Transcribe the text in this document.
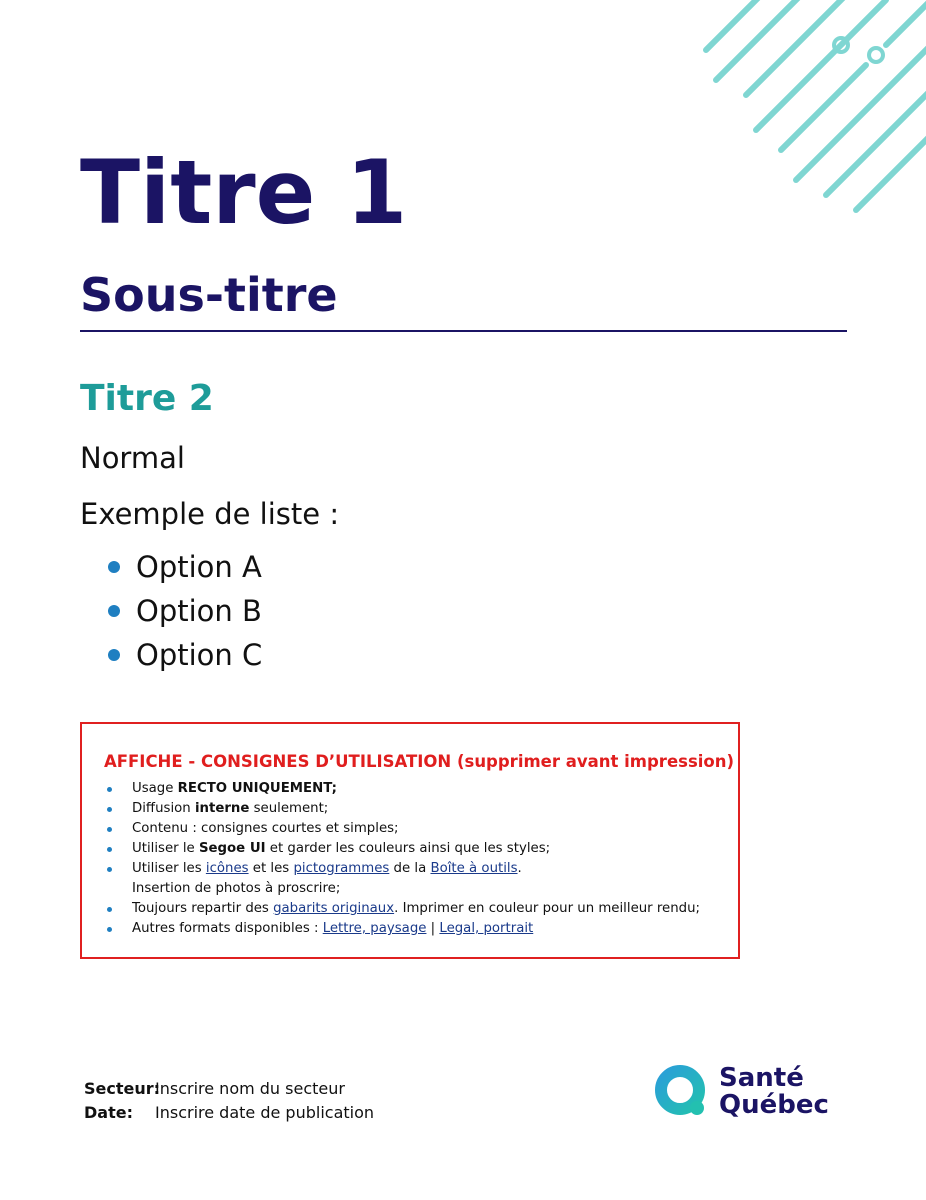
Titre 1
Sous-titre
Titre 2

Normal

Exemple de liste :

Option A
Option B
Option C

AFFICHE - CONSIGNES D’UTILISATION (supprimer avant impression)

Usage RECTO UNIQUEMENT;
Diffusion interne seulement;
Contenu : consignes courtes et simples;
Utiliser le Segoe UI et garder les couleurs ainsi que les styles;
Utiliser les icônes et les pictogrammes de la Boîte à outils.
Insertion de photos à proscrire;
Toujours repartir des gabarits originaux. Imprimer en couleur pour un meilleur rendu;
Autres formats disponibles : Lettre, paysage | Legal, portrait
Secteur:
Inscrire nom du secteur
Date: Inscrire date de publication
Santé
Québec
